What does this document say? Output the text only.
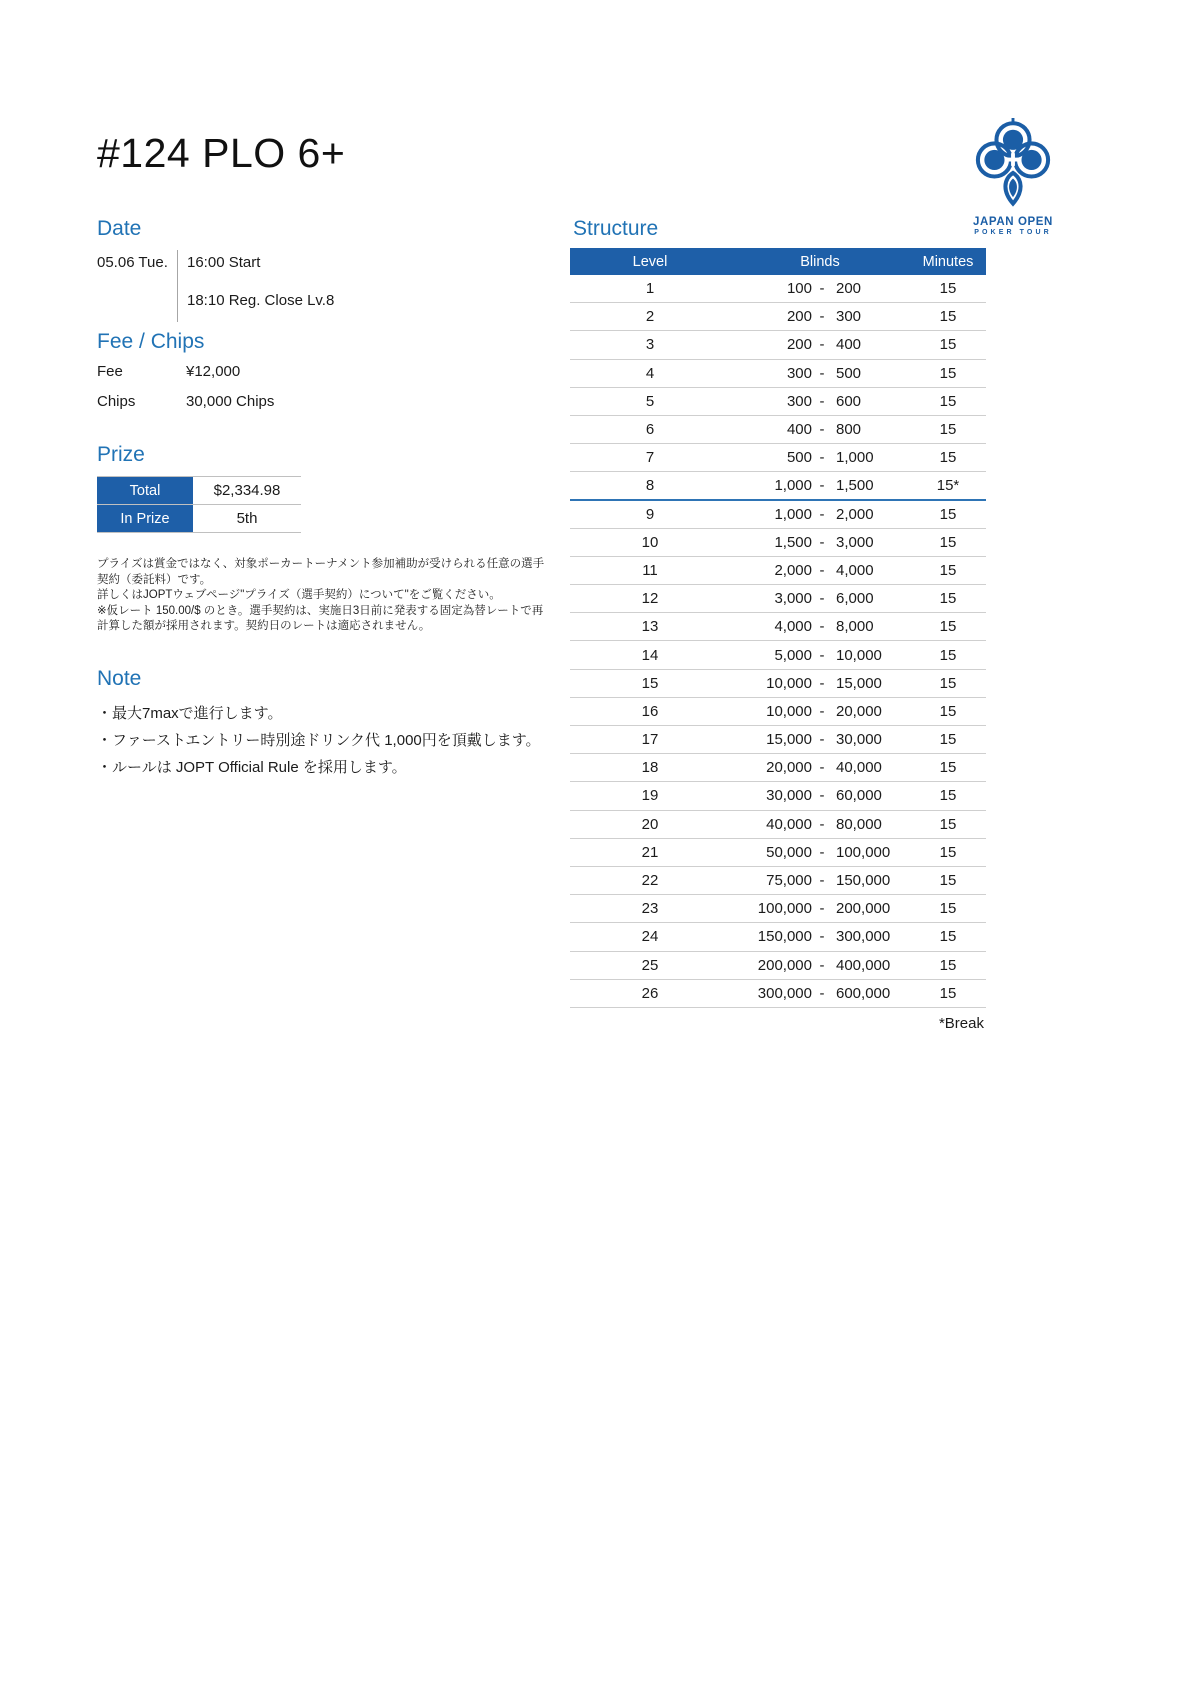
#124 PLO 6+
JAPAN OPEN
POKER TOUR
Date
05.06 Tue.	16:00 Start
18:10 Reg. Close Lv.8
Fee / Chips
Fee	¥12,000
Chips	30,000 Chips
Prize
Total	$2,334.98
In Prize	5th

プライズは賞金ではなく、対象ポーカートーナメント参加補助が受けられる任意の選手契約（委託料）です。

詳しくはJOPTウェブページ"プライズ（選手契約）について"をご覧ください。

※仮レート 150.00/$ のとき。選手契約は、実施日3日前に発表する固定為替レートで再計算した額が採用されます。契約日のレートは適応されません。

Note
・最大7maxで進行します。
・ファーストエントリー時別途ドリンク代 1,000円を頂戴します。
・ルールは JOPT Official Rule を採用します。
Structure
Level	Blinds	Minutes
1	100 - 200	15
2	200 - 300	15
3	200 - 400	15
4	300 - 500	15
5	300 - 600	15
6	400 - 800	15
7	500 - 1,000	15
8	1,000 - 1,500	15*
9	1,000 - 2,000	15
10	1,500 - 3,000	15
11	2,000 - 4,000	15
12	3,000 - 6,000	15
13	4,000 - 8,000	15
14	5,000 - 10,000	15
15	10,000 - 15,000	15
16	10,000 - 20,000	15
17	15,000 - 30,000	15
18	20,000 - 40,000	15
19	30,000 - 60,000	15
20	40,000 - 80,000	15
21	50,000 - 100,000	15
22	75,000 - 150,000	15
23	100,000 - 200,000	15
24	150,000 - 300,000	15
25	200,000 - 400,000	15
26	300,000 - 600,000	15
*Break
